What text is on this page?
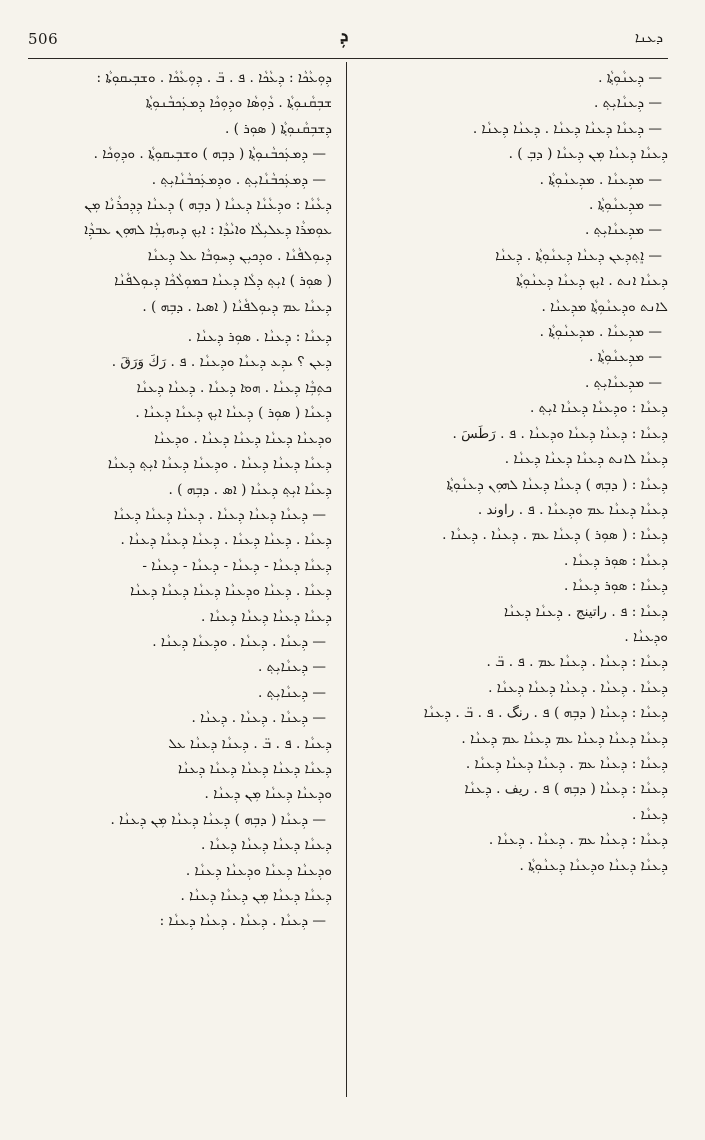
506	ܕܼ	ܕܥܢܐ
ܕܼܘܼܥܵܟܵܐ : ܕܼܥܵܟܵܐ . ܦ . ܒ̈ . ܕܼܘܼܥܵܟܵܐ . ܘܫܒܼܝܩܘܼܬܵܐ :
ܫܒܼܩܵܢܘܼܬ݂ܵܐ . ܕܵܘܼܣܵܐ ܘܕܼܘܼܟܵܐ ܕܼܡܥܲܟܒܵܢܘܼܬ݂ܵܐ
ܕܼܫܒܼܩܵܢܘܼܬ݂ܵܐ ( ܣܘܼܪ ) .
— ܕܼܡܥܲܟܒܵܢܘܼܬ݂ܵܐ ( ܕܒܼܗ ) ܘܫܒܼܝܩܘܼܬ݂ܵܐ . ܘܕܼܘܼܟܵܐ .
— ܕܼܡܥܲܟܒܵܢܵܐܝܼܬ݂ . ܘܕܼܡܥܲܟܒܵܢܵܐܝܼܬ݂ .
ܕܼܥܵܢܵܐ : ܘܕܼܥܵܢܵܐ ܕܼܥܢܵܐ ( ܕܒܼܗ ) ܕܼܥܢܵܐ ܕܼܕܼܟܪܵܢܵܐ ܡܼܢ
ܥܘܼܡܪܵܐ ܕܼܥܠܝܼܠܵܐ ܘܐܝܵܕܵܐ : ܐܝܼܟ ܕܼܝܗܝܼܒܼܵܐ ܠܗܘܼܢ ܥܒܕܼܵܐ
ܕܼܝܘܼܠܦܵܢܵܐ . ܘܕܼܟܝܼܢ ܕܼܚܘܼܒܵܐ ܥܠ ܕܼܥܢܵܐ
( ܣܘܼܪ ) ܐܝܼܬ݂ ܕܼܠܵܐ ܕܼܥܢܵܐ ܒܡܘܼܠܵܟܵܐ ܕܼܝܘܼܠܦܵܢܵܐ
ܕܼܥܢܵܐ ܥܡ ܕܼܝܘܼܠܦܵܢܵܐ ( ܐܣܝܐ . ܕܒܼܗ ) .
ܕܼܥܢܵܐ : ܕܼܥܢܵܐ . ܣܘܼܪ ܕܼܥܢܵܐ .
ܕܼܥܢ ؟ ܝܕܼܥ ܕܼܥܢܵܐ ܘܕܼܥܢܵܐ . ܦ . رَكَ وَرَقَ .
ܟܬܼܒܼܵܐ ܕܼܥܢܵܐ . ܗܘ݀ܐ ܕܼܥܢܵܐ . ܕܼܥܢܵܐ ܕܼܥܢܵܐ
ܕܼܥܢܵܐ ( ܣܘܼܪ ) ܕܼܥܢܵܐ ܐܝܼܟ ܕܼܥܢܵܐ ܕܼܥܢܵܐ .
ܘܕܼܥܢܵܐ ܕܼܥܢܵܐ ܕܼܥܢܵܐ ܕܼܥܢܵܐ . ܘܕܼܥܢܵܐ
ܕܼܥܢܵܐ ܕܼܥܢܵܐ ܕܼܥܢܵܐ . ܘܕܼܥܢܵܐ ܕܼܥܢܵܐ ܐܝܼܬ݂ ܕܼܥܢܵܐ
ܕܼܥܢܵܐ ܐܝܼܬ݂ ܕܼܥܢܵܐ ( ܐܣ . ܕܒܼܗ ) .
— ܕܼܥܢܵܐ ܕܼܥܢܵܐ ܕܼܥܢܵܐ . ܕܼܥܢܵܐ ܕܼܥܢܵܐ ܕܼܥܢܵܐ
ܕܼܥܢܵܐ . ܕܼܥܢܵܐ ܕܼܥܢܵܐ . ܕܼܥܢܵܐ ܕܼܥܢܵܐ ܕܼܥܢܵܐ .
ܕܼܥܢܵܐ ܕܼܥܢܵܐ - ܕܼܥܢܵܐ - ܕܼܥܢܵܐ - ܕܼܥܢܵܐ -
ܕܼܥܢܵܐ . ܕܼܥܢܵܐ ܘܕܼܥܢܵܐ ܕܼܥܢܵܐ ܕܼܥܢܵܐ ܕܼܥܢܵܐ
ܕܼܥܢܵܐ ܕܼܥܢܵܐ ܕܼܥܢܵܐ ܕܼܥܢܵܐ .
— ܕܼܥܢܵܐ . ܕܼܥܢܵܐ . ܘܕܼܥܢܵܐ ܕܼܥܢܵܐ .
— ܕܼܥܢܵܐܝܼܬ݂ .
— ܕܼܥܢܵܐܝܼܬ݂ .
— ܕܼܥܢܵܐ . ܕܼܥܢܵܐ . ܕܼܥܢܵܐ .
ܕܼܥܢܵܐ . ܦ . ܒ̈ . ܕܼܥܢܵܐ ܕܼܥܢܵܐ ܥܠ
ܕܼܥܢܵܐ ܕܼܥܢܵܐ ܕܼܥܢܵܐ ܕܼܥܢܵܐ ܕܼܥܢܵܐ
ܘܕܼܥܢܵܐ ܕܼܥܢܵܐ ܡܼܢ ܕܼܥܢܵܐ .
— ܕܼܥܢܵܐ ( ܕܒܼܗ ) ܕܼܥܢܵܐ ܕܼܥܢܵܐ ܡܼܢ ܕܼܥܢܵܐ .
ܕܼܥܢܵܐ ܕܼܥܢܵܐ ܕܼܥܢܵܐ ܕܼܥܢܵܐ .
ܘܕܼܥܢܵܐ ܕܼܥܢܵܐ ܘܕܼܥܢܵܐ ܕܼܥܢܵܐ .
ܕܼܥܢܵܐ ܕܼܥܢܵܐ ܡܼܢ ܕܼܥܢܵܐ ܕܼܥܢܵܐ .
— ܕܼܥܢܵܐ . ܕܼܥܢܵܐ . ܕܼܥܢܵܐ ܕܼܥܢܵܐ :
— ܕܼܥܢܵܘܼܬ݂ܵܐ .
— ܕܼܥܢܵܐܝܼܬ݂ .
— ܕܼܥܢܵܐ ܕܼܥܢܵܐ ܕܼܥܢܵܐ . ܕܼܥܢܵܐ ܕܼܥܢܵܐ .
ܕܼܥܢܵܐ ܕܼܥܢܵܐ ܡܼܢ ܕܼܥܢܵܐ ( ܕܒܼ ) .
— ܡܕܼܥܢܵܐ . ܡܕܼܥܢܵܘܼܬ݂ܵܐ .
— ܡܕܼܥܢܵܘܼܬ݂ܵܐ .
— ܡܕܼܥܢܵܐܝܼܬ݂ .
— ܐܸܬ݂ܕܼܥܢ ܕܼܥܢܵܐ ܕܼܥܢܵܘܼܬ݂ܵܐ . ܕܼܥܢܵܐ
ܕܼܥܢܵܐ ܐܢܬ . ܐܝܼܟ ܕܼܥܢܵܐ ܕܼܥܢܵܘܼܬ݂ܵܐ
ܠܐܢܬ ܘܕܼܥܢܵܘܼܬ݂ܵܐ ܡܕܼܥܢܵܐ .
— ܡܕܼܥܢܵܐ . ܡܕܼܥܢܵܘܼܬ݂ܵܐ .
— ܡܕܼܥܢܵܘܼܬ݂ܵܐ .
— ܡܕܼܥܢܵܐܝܼܬ݂ .
ܕܼܥܢܵܐ : ܘܕܼܥܢܵܐ ܕܼܥܢܵܐ ܐܝܼܬ݂ .
ܕܼܥܢܵܐ : ܕܼܥܢܵܐ ܕܼܥܢܵܐ ܘܕܼܥܢܵܐ . ܦ . رَطَسَ .
ܕܼܥܢܵܐ ܠܐܢܬ ܕܼܥܢܵܐ ܕܼܥܢܵܐ ܕܼܥܢܵܐ .
ܕܼܥܢܵܐ : ( ܕܒܼܗ ) ܕܼܥܢܵܐ ܕܼܥܢܵܐ ܠܗܘܼܢ ܕܼܥܢܵܘܼܬ݂ܵܐ
ܕܼܥܢܵܐ ܕܼܥܢܵܐ ܥܡ ܘܕܼܥܢܵܐ . ܦ . راوند .
ܕܼܥܢܵܐ : ( ܣܘܼܪ ) ܕܼܥܢܵܐ ܥܡ . ܕܼܥܢܵܐ . ܕܼܥܢܵܐ .
ܕܼܥܢܵܐ : ܣܘܼܪ ܕܼܥܢܵܐ .
ܕܼܥܢܵܐ : ܣܘܼܪ ܕܼܥܢܵܐ .
ܕܼܥܢܵܐ : ܦ . راتینج . ܕܼܥܢܵܐ ܕܼܥܢܵܐ
ܘܕܼܥܢܵܐ .
ܕܼܥܢܵܐ : ܕܼܥܢܵܐ . ܕܼܥܢܵܐ ܥܡ . ܦ . ܒ̈ .
ܕܼܥܢܵܐ . ܕܼܥܢܵܐ . ܕܼܥܢܵܐ ܕܼܥܢܵܐ ܕܼܥܢܵܐ .
ܕܼܥܢܵܐ : ܕܼܥܢܵܐ ( ܕܒܼܗ ) ܦ . رنگ . ܦ . ܒ̈ . ܕܼܥܢܵܐ
ܕܼܥܢܵܐ ܕܼܥܢܵܐ ܕܼܥܢܵܐ ܥܡ ܕܼܥܢܵܐ ܥܡ ܕܼܥܢܵܐ .
ܕܼܥܢܵܐ : ܕܼܥܢܵܐ ܥܡ . ܕܼܥܢܵܐ ܕܼܥܢܵܐ ܕܼܥܢܵܐ .
ܕܼܥܢܵܐ : ܕܼܥܢܵܐ ( ܕܒܼܗ ) ܦ . ريف . ܕܼܥܢܵܐ
ܕܼܥܢܵܐ .
ܕܼܥܢܵܐ : ܕܼܥܢܵܐ ܥܡ . ܕܼܥܢܵܐ . ܕܼܥܢܵܐ .
ܕܼܥܢܵܐ ܕܼܥܢܵܐ ܘܕܼܥܢܵܐ ܕܼܥܢܵܘܼܬ݂ܵܐ .
